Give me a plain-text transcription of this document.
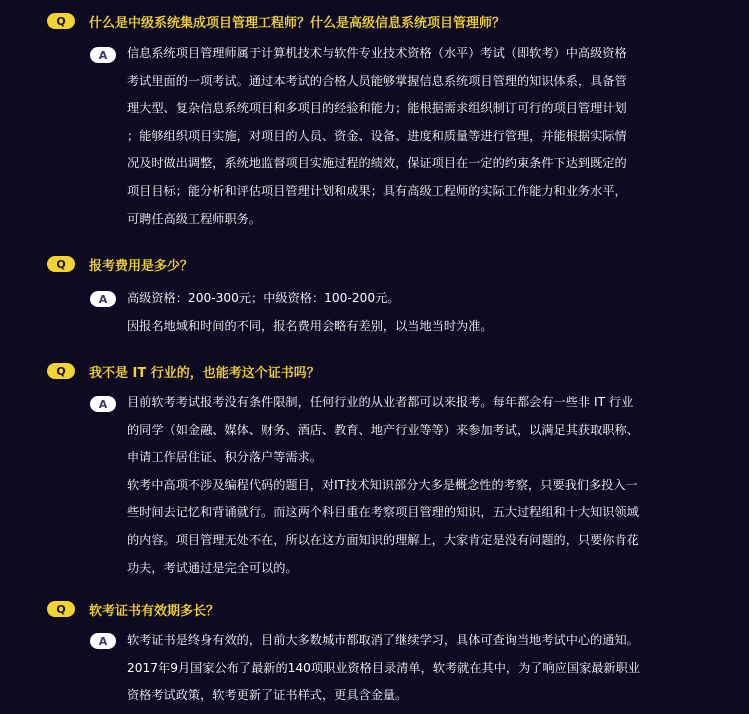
Q	什么是中级系统集成项目管理工程师？什么是高级信息系统项目管理师？
A	信息系统项目管理师属于计算机技术与软件专业技术资格（水平）考试（即软考）中高级资格
考试里面的一项考试。通过本考试的合格人员能够掌握信息系统项目管理的知识体系，具备管
理大型、复杂信息系统项目和多项目的经验和能力；能根据需求组织制订可行的项目管理计划
；能够组织项目实施，对项目的人员、资金、设备、进度和质量等进行管理，并能根据实际情
况及时做出调整，系统地监督项目实施过程的绩效，保证项目在一定的约束条件下达到既定的
项目目标；能分析和评估项目管理计划和成果；具有高级工程师的实际工作能力和业务水平，
可聘任高级工程师职务。
Q	报考费用是多少？
A	高级资格：200-300元；中级资格：100-200元。
因报名地域和时间的不同，报名费用会略有差别，以当地当时为准。
Q	我不是 IT 行业的，也能考这个证书吗？
A	目前软考考试报考没有条件限制，任何行业的从业者都可以来报考。每年都会有一些非 IT 行业
的同学（如金融、媒体、财务、酒店、教育、地产行业等等）来参加考试，以满足其获取职称、
申请工作居住证、积分落户等需求。
软考中高项不涉及编程代码的题目，对IT技术知识部分大多是概念性的考察，只要我们多投入一
些时间去记忆和背诵就行。而这两个科目重在考察项目管理的知识，五大过程组和十大知识领域
的内容。项目管理无处不在，所以在这方面知识的理解上，大家肯定是没有问题的，只要你肯花
功夫，考试通过是完全可以的。
Q	软考证书有效期多长？
A	软考证书是终身有效的，目前大多数城市都取消了继续学习，具体可查询当地考试中心的通知。
2017年9月国家公布了最新的140项职业资格目录清单，软考就在其中，为了响应国家最新职业
资格考试政策，软考更新了证书样式，更具含金量。
